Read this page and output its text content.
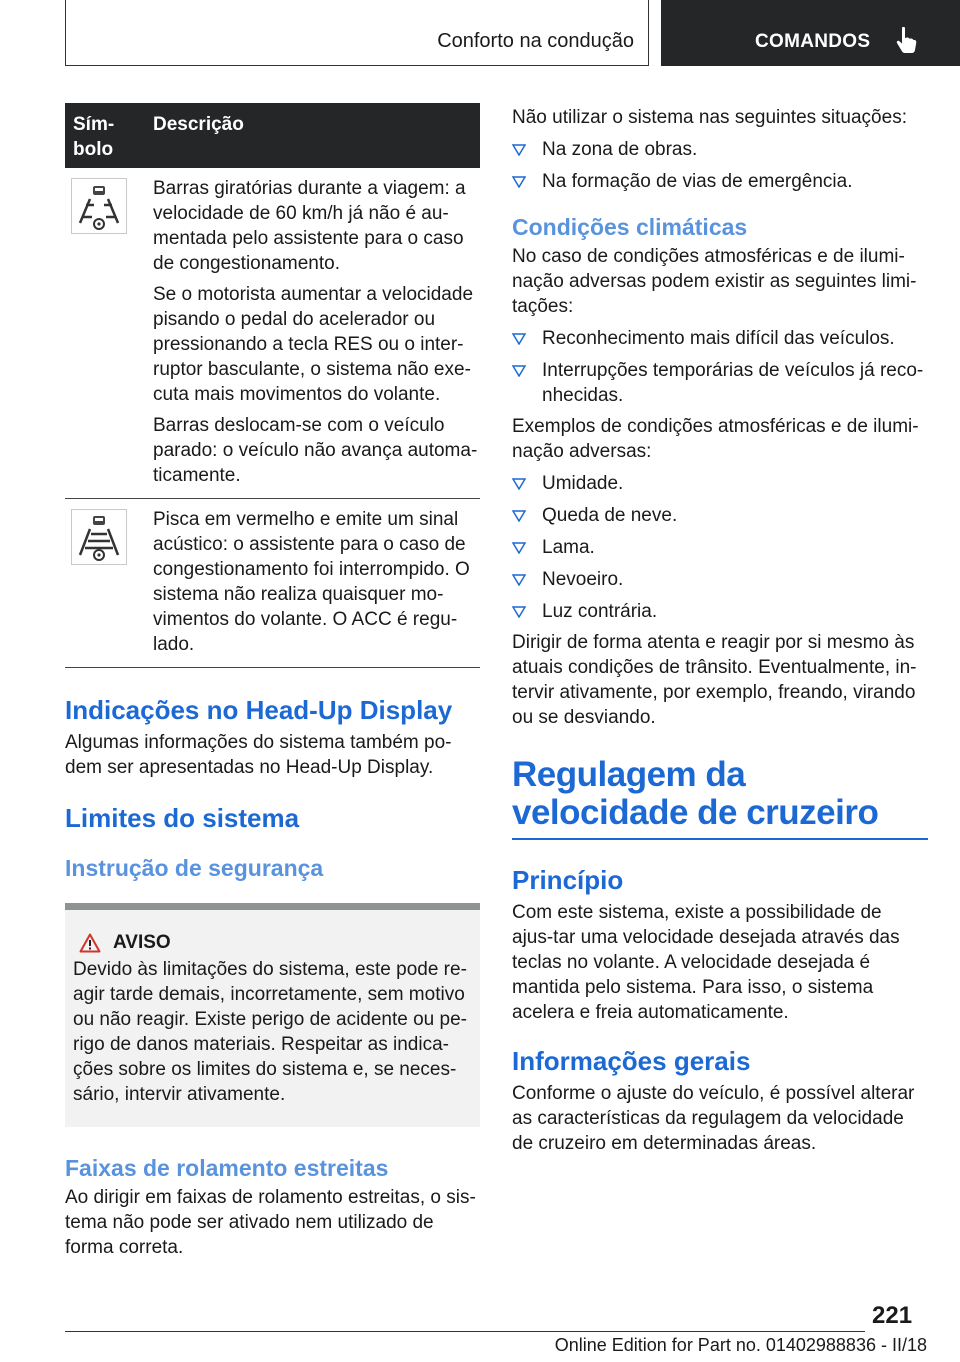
Conforto na condução	COMANDOS
Sím-
bolo
Descrição

Barras giratórias durante a viagem: a velocidade de 60 km/h já não é au-mentada pelo assistente para o caso de congestionamento.

Se o motorista aumentar a velocidade pisando o pedal do acelerador ou pressionando a tecla RES ou o inter-ruptor basculante, o sistema não exe-cuta mais movimentos do volante.

Barras deslocam-se com o veículo parado: o veículo não avança automa-ticamente.

Pisca em vermelho e emite um sinal acústico: o assistente para o caso de congestionamento foi interrompido. O sistema não realiza quaisquer mo-vimentos do volante. O ACC é regu-lado.

Indicações no Head-Up Display

Algumas informações do sistema também po-dem ser apresentadas no Head-Up Display.

Limites do sistema
Instrução de segurança
AVISO

Devido às limitações do sistema, este pode re-agir tarde demais, incorretamente, sem motivo ou não reagir. Existe perigo de acidente ou pe-rigo de danos materiais. Respeitar as indica-ções sobre os limites do sistema e, se neces-sário, intervir ativamente.

Faixas de rolamento estreitas

Ao dirigir em faixas de rolamento estreitas, o sis-tema não pode ser ativado nem utilizado de forma correta.

Não utilizar o sistema nas seguintes situações:

Na zona de obras.
Na formação de vias de emergência.
Condições climáticas

No caso de condições atmosféricas e de ilumi-nação adversas podem existir as seguintes limi-tações:

Reconhecimento mais difícil das veículos.
Interrupções temporárias de veículos já reco-nhecidas.

Exemplos de condições atmosféricas e de ilumi-nação adversas:

Umidade.
Queda de neve.
Lama.
Nevoeiro.
Luz contrária.

Dirigir de forma atenta e reagir por si mesmo às atuais condições de trânsito. Eventualmente, in-tervir ativamente, por exemplo, freando, virando ou se desviando.

Regulagem da velocidade de cruzeiro
Princípio

Com este sistema, existe a possibilidade de ajus-tar uma velocidade desejada através das teclas no volante. A velocidade desejada é mantida pelo sistema. Para isso, o sistema acelera e freia automaticamente.

Informações gerais

Conforme o ajuste do veículo, é possível alterar as características da regulagem da velocidade de cruzeiro em determinadas áreas.

221
Online Edition for Part no. 01402988836 - II/18
